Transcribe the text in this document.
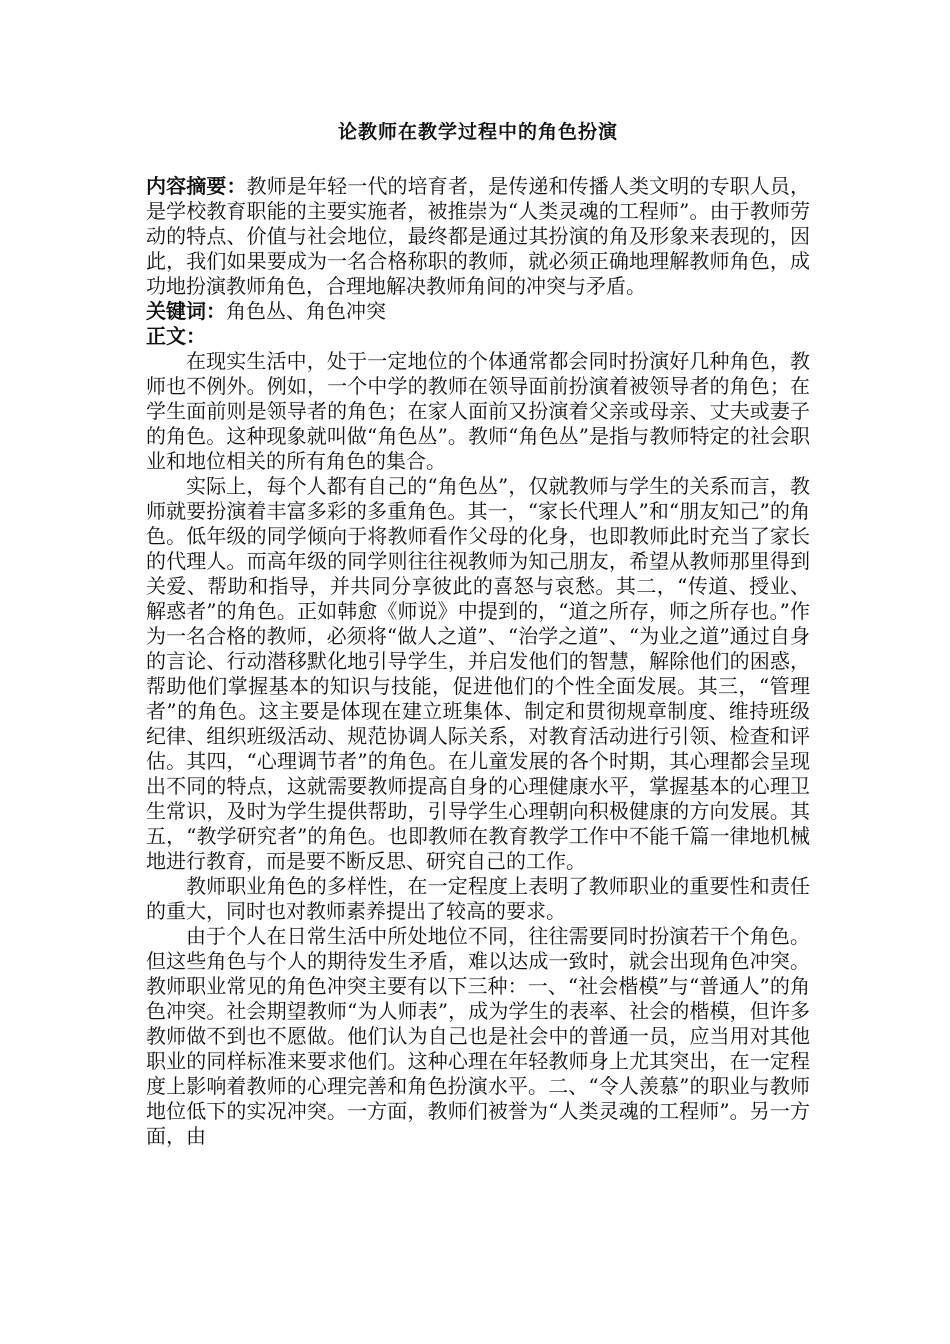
论教师在教学过程中的角色扮演

内容摘要：教师是年轻一代的培育者，是传递和传播人类文明的专职人员，是学校教育职能的主要实施者，被推崇为“人类灵魂的工程师”。由于教师劳动的特点、价值与社会地位，最终都是通过其扮演的角及形象来表现的，因此，我们如果要成为一名合格称职的教师，就必须正确地理解教师角色，成功地扮演教师角色，合理地解决教师角间的冲突与矛盾。

关键词：角色丛、角色冲突

正文：

在现实生活中，处于一定地位的个体通常都会同时扮演好几种角色，教师也不例外。例如，一个中学的教师在领导面前扮演着被领导者的角色；在学生面前则是领导者的角色；在家人面前又扮演着父亲或母亲、丈夫或妻子的角色。这种现象就叫做“角色丛”。教师“角色丛”是指与教师特定的社会职业和地位相关的所有角色的集合。

实际上，每个人都有自己的“角色丛”，仅就教师与学生的关系而言，教师就要扮演着丰富多彩的多重角色。其一，“家长代理人”和“朋友知己”的角色。低年级的同学倾向于将教师看作父母的化身，也即教师此时充当了家长的代理人。而高年级的同学则往往视教师为知己朋友，希望从教师那里得到关爱、帮助和指导，并共同分享彼此的喜怒与哀愁。其二，“传道、授业、解惑者”的角色。正如韩愈《师说》中提到的，“道之所存，师之所存也。”作为一名合格的教师，必须将“做人之道”、“治学之道”、“为业之道”通过自身的言论、行动潜移默化地引导学生，并启发他们的智慧，解除他们的困惑，帮助他们掌握基本的知识与技能，促进他们的个性全面发展。其三，“管理者”的角色。这主要是体现在建立班集体、制定和贯彻规章制度、维持班级纪律、组织班级活动、规范协调人际关系，对教育活动进行引领、检查和评估。其四，“心理调节者”的角色。在儿童发展的各个时期，其心理都会呈现出不同的特点，这就需要教师提高自身的心理健康水平，掌握基本的心理卫生常识，及时为学生提供帮助，引导学生心理朝向积极健康的方向发展。其五，“教学研究者”的角色。也即教师在教育教学工作中不能千篇一律地机械地进行教育，而是要不断反思、研究自己的工作。

教师职业角色的多样性，在一定程度上表明了教师职业的重要性和责任的重大，同时也对教师素养提出了较高的要求。

由于个人在日常生活中所处地位不同，往往需要同时扮演若干个角色。但这些角色与个人的期待发生矛盾，难以达成一致时，就会出现角色冲突。教师职业常见的角色冲突主要有以下三种：一、“社会楷模”与“普通人”的角色冲突。社会期望教师“为人师表”，成为学生的表率、社会的楷模，但许多教师做不到也不愿做。他们认为自己也是社会中的普通一员，应当用对其他职业的同样标准来要求他们。这种心理在年轻教师身上尤其突出，在一定程度上影响着教师的心理完善和角色扮演水平。二、“令人羡慕”的职业与教师地位低下的实况冲突。一方面，教师们被誉为“人类灵魂的工程师”。另一方面，由
